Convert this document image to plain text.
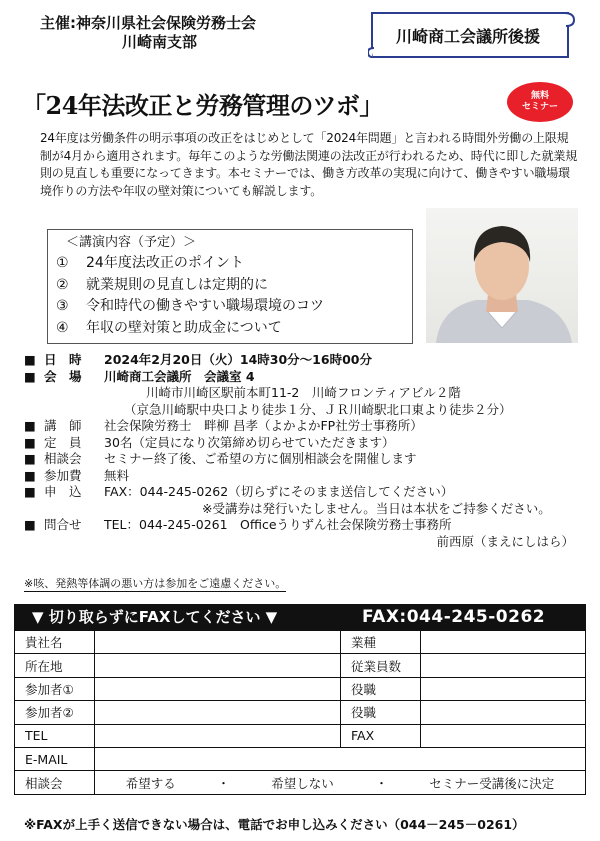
主催:神奈川県社会保険労務士会
川崎南支部	川崎商工会議所後援
「24年法改正と労務管理のツボ」	無料
セミナー
24年度は労働条件の明示事項の改正をはじめとして「2024年問題」と言われる時間外労働の上限規制が4月から適用されます。毎年このような労働法関連の法改正が行われるため、時代に即した就業規則の見直しも重要になってきます。本セミナーでは、働き方改革の実現に向けて、働きやすい職場環境作りの方法や年収の壁対策についても解説します。
＜講演内容（予定）＞
① 24年度法改正のポイント
② 就業規則の見直しは定期的に
③ 令和時代の働きやすい職場環境のコツ
④ 年収の壁対策と助成金について
■ 日　時	2024年2月20日（火）14時30分～16時00分
■ 会　場	川崎商工会議所　会議室 4
川崎市川崎区駅前本町11-2　川崎フロンティアビル２階
（京急川崎駅中央口より徒歩１分、ＪＲ川崎駅北口東より徒歩２分）
■ 講　師	社会保険労務士　畔柳 昌孝（よかよかFP社労士事務所）
■ 定　員	30名（定員になり次第締め切らせていただきます）
■ 相談会	セミナー終了後、ご希望の方に個別相談会を開催します
■ 参加費	無料
■ 申　込	FAX：044-245-0262（切らずにそのまま送信してください）
※受講券は発行いたしません。当日は本状をご持参ください。
■ 問合せ	TEL：044-245-0261　Officeうりずん社会保険労務士事務所
前西原（まえにしはら）
※咳、発熱等体調の悪い方は参加をご遠慮ください。
▼ 切り取らずにFAXしてください ▼	FAX:044-245-0262
貴社名		業種	
所在地		従業員数	
参加者①		役職	
参加者②		役職	
TEL		FAX	
E-MAIL			
相談会	希望する ・ 希望しない ・ セミナー受講後に決定		
※FAXが上手く送信できない場合は、電話でお申し込みください（044－245－0261）
